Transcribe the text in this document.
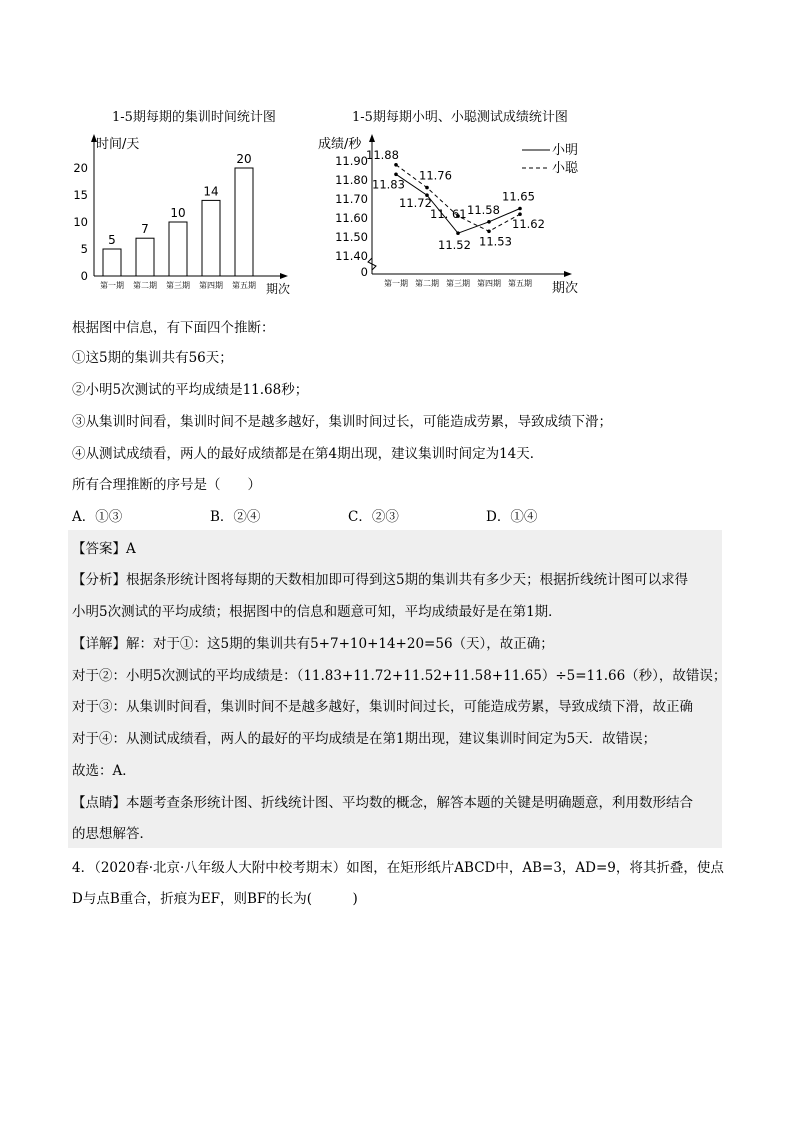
1-5期每期的集训时间统计图	1-5期每期小明、小聪测试成绩统计图
时间/天
期次
0
5
10
15
20
5
第一期
7
第二期
10
第三期
14
第四期
20
第五期
成绩/秒
期次
11.40
11.50
11.60
11.70
11.80
11.90
0
第一期 第二期 第三期 第四期 第五期
11.83
11.72
11.52
11.58
11.65
11.88
11.76
11. 61
11.53
11.62
小明
小聪
根据图中信息，有下面四个推断：
①这5期的集训共有56天；
②小明5次测试的平均成绩是11.68秒；
③从集训时间看，集训时间不是越多越好，集训时间过长，可能造成劳累，导致成绩下滑；
④从测试成绩看，两人的最好成绩都是在第4期出现，建议集训时间定为14天．
所有合理推断的序号是（　　）
A．①③	B．②④	C．②③	D．①④
【答案】A
【分析】根据条形统计图将每期的天数相加即可得到这5期的集训共有多少天；根据折线统计图可以求得
小明5次测试的平均成绩；根据图中的信息和题意可知，平均成绩最好是在第1期．
【详解】解：对于①：这5期的集训共有5+7+10+14+20=56（天），故正确；
对于②：小明5次测试的平均成绩是：（11.83+11.72+11.52+11.58+11.65）÷5=11.66（秒），故错误；
对于③：从集训时间看，集训时间不是越多越好，集训时间过长，可能造成劳累，导致成绩下滑，故正确
对于④：从测试成绩看，两人的最好的平均成绩是在第1期出现，建议集训时间定为5天．故错误；
故选：A．
【点睛】本题考查条形统计图、折线统计图、平均数的概念，解答本题的关键是明确题意，利用数形结合
的思想解答．
4．（2020春·北京·八年级人大附中校考期末）如图，在矩形纸片ABCD中，AB=3，AD=9，将其折叠，使点
D与点B重合，折痕为EF，则BF的长为(　　　)
